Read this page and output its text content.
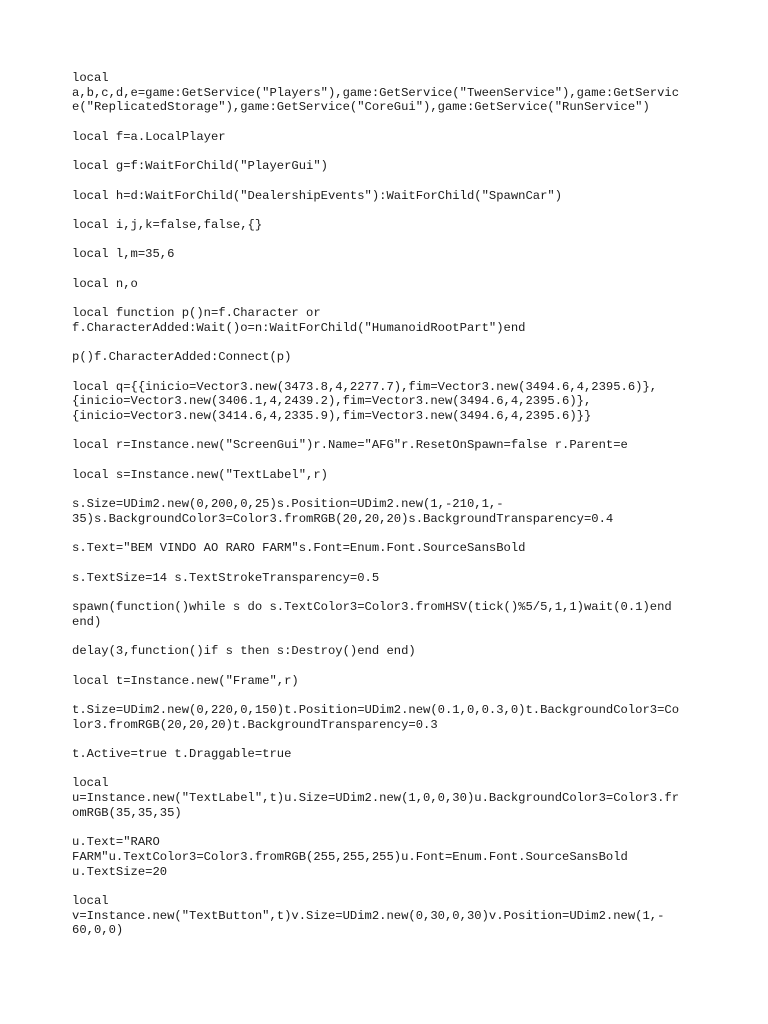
local
a,b,c,d,e=game:GetService("Players"),game:GetService("TweenService"),game:GetServic
e("ReplicatedStorage"),game:GetService("CoreGui"),game:GetService("RunService")

local f=a.LocalPlayer

local g=f:WaitForChild("PlayerGui")

local h=d:WaitForChild("DealershipEvents"):WaitForChild("SpawnCar")

local i,j,k=false,false,{}

local l,m=35,6

local n,o

local function p()n=f.Character or
f.CharacterAdded:Wait()o=n:WaitForChild("HumanoidRootPart")end

p()f.CharacterAdded:Connect(p)

local q={{inicio=Vector3.new(3473.8,4,2277.7),fim=Vector3.new(3494.6,4,2395.6)},
{inicio=Vector3.new(3406.1,4,2439.2),fim=Vector3.new(3494.6,4,2395.6)},
{inicio=Vector3.new(3414.6,4,2335.9),fim=Vector3.new(3494.6,4,2395.6)}}

local r=Instance.new("ScreenGui")r.Name="AFG"r.ResetOnSpawn=false r.Parent=e

local s=Instance.new("TextLabel",r)

s.Size=UDim2.new(0,200,0,25)s.Position=UDim2.new(1,-210,1,-
35)s.BackgroundColor3=Color3.fromRGB(20,20,20)s.BackgroundTransparency=0.4

s.Text="BEM VINDO AO RARO FARM"s.Font=Enum.Font.SourceSansBold

s.TextSize=14 s.TextStrokeTransparency=0.5

spawn(function()while s do s.TextColor3=Color3.fromHSV(tick()%5/5,1,1)wait(0.1)end
end)

delay(3,function()if s then s:Destroy()end end)

local t=Instance.new("Frame",r)

t.Size=UDim2.new(0,220,0,150)t.Position=UDim2.new(0.1,0,0.3,0)t.BackgroundColor3=Co
lor3.fromRGB(20,20,20)t.BackgroundTransparency=0.3

t.Active=true t.Draggable=true

local
u=Instance.new("TextLabel",t)u.Size=UDim2.new(1,0,0,30)u.BackgroundColor3=Color3.fr
omRGB(35,35,35)

u.Text="RARO
FARM"u.TextColor3=Color3.fromRGB(255,255,255)u.Font=Enum.Font.SourceSansBold
u.TextSize=20

local
v=Instance.new("TextButton",t)v.Size=UDim2.new(0,30,0,30)v.Position=UDim2.new(1,-
60,0,0)
